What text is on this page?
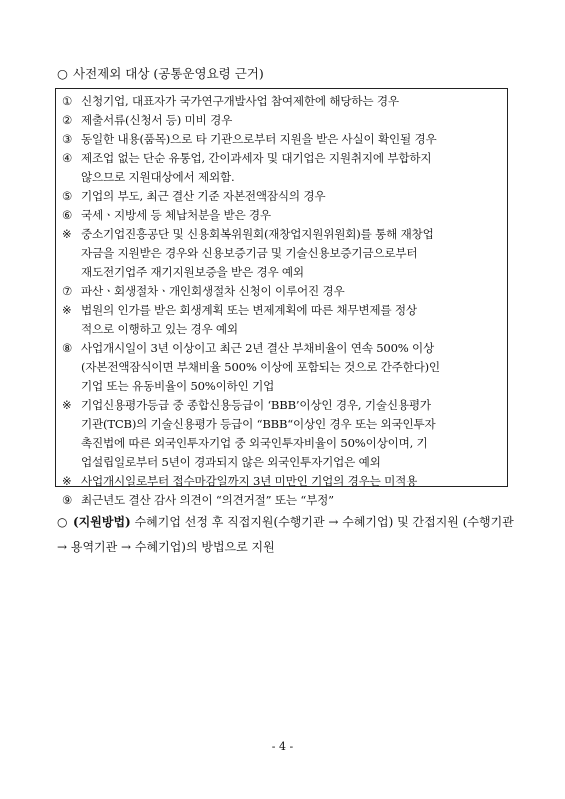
○ 사전제외 대상 (공통운영요령 근거)
① 신청기업, 대표자가 국가연구개발사업 참여제한에 해당하는 경우
② 제출서류(신청서 등) 미비 경우
③ 동일한 내용(품목)으로 타 기관으로부터 지원을 받은 사실이 확인될 경우
④ 제조업 없는 단순 유통업, 간이과세자 및 대기업은 지원취지에 부합하지
않으므로 지원대상에서 제외함.
⑤ 기업의 부도, 최근 결산 기준 자본전액잠식의 경우
⑥ 국세ㆍ지방세 등 체납처분을 받은 경우
※ 중소기업진흥공단 및 신용회복위원회(재창업지원위원회)를 통해 재창업
자금을 지원받은 경우와 신용보증기금 및 기술신용보증기금으로부터
재도전기업주 재기지원보증을 받은 경우 예외
⑦ 파산ㆍ회생절차ㆍ개인회생절차 신청이 이루어진 경우
※ 법원의 인가를 받은 회생계획 또는 변제계획에 따른 채무변제를 정상
적으로 이행하고 있는 경우 예외
⑧ 사업개시일이 3년 이상이고 최근 2년 결산 부채비율이 연속 500% 이상
(자본전액잠식이면 부채비율 500% 이상에 포함되는 것으로 간주한다)인
기업 또는 유동비율이 50%이하인 기업
※ 기업신용평가등급 중 종합신용등급이 ‘BBB’이상인 경우, 기술신용평가
기관(TCB)의 기술신용평가 등급이 “BBB“이상인 경우 또는 외국인투자
촉진법에 따른 외국인투자기업 중 외국인투자비율이 50%이상이며, 기
업설립일로부터 5년이 경과되지 않은 외국인투자기업은 예외
※ 사업개시일로부터 접수마감일까지 3년 미만인 기업의 경우는 미적용
⑨ 최근년도 결산 감사 의견이 “의견거절” 또는 “부정”
○ (지원방법) 수혜기업 선정 후 직접지원(수행기관 → 수혜기업) 및 간접지원 (수행기관 → 용역기관 → 수혜기업)의 방법으로 지원
- 4 -
